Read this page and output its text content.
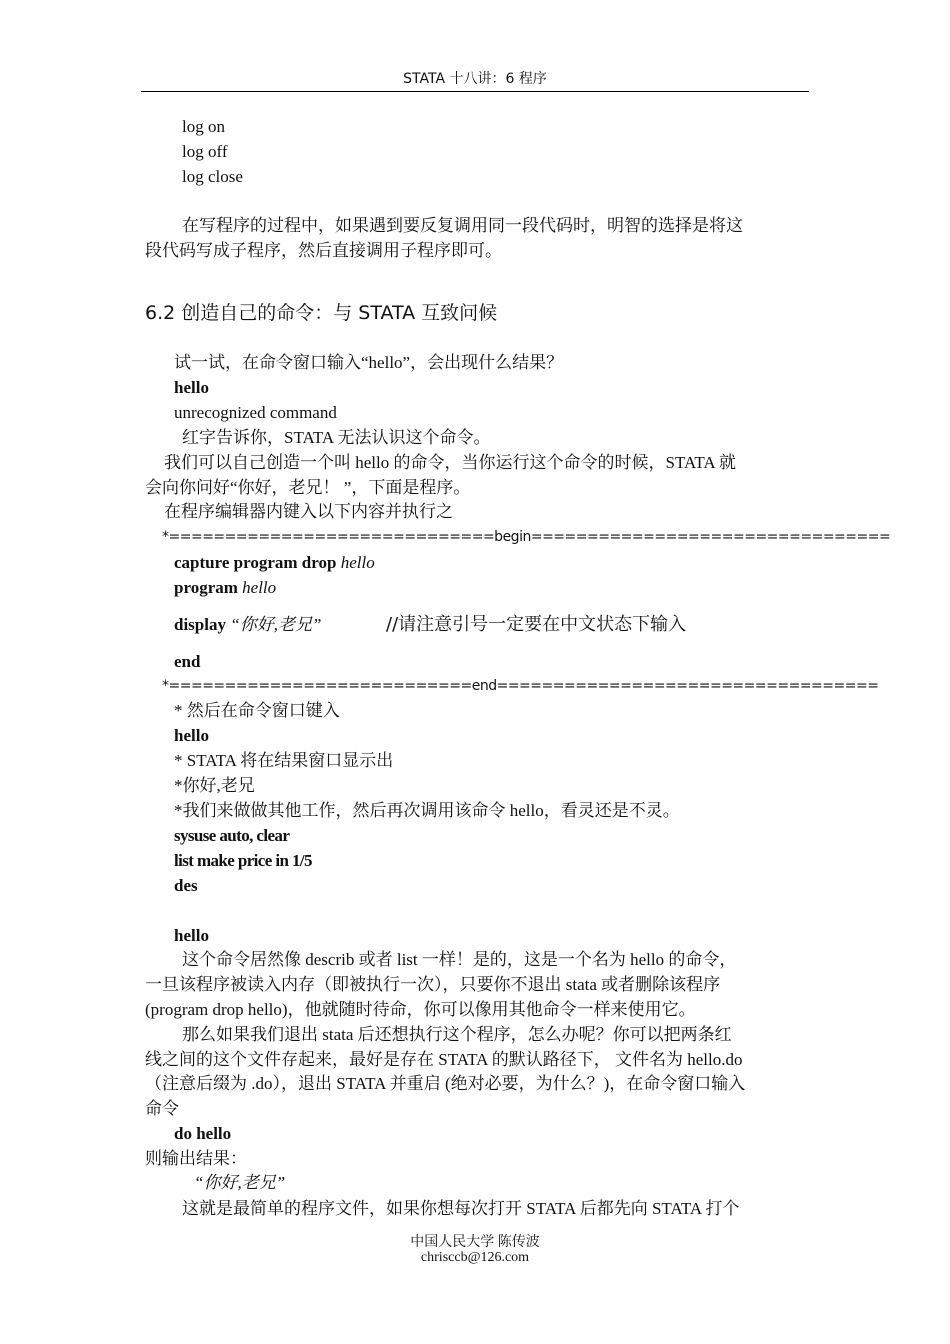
STATA 十八讲：6 程序
log on
log off
log close
在写程序的过程中，如果遇到要反复调用同一段代码时，明智的选择是将这
段代码写成子程序，然后直接调用子程序即可。
6.2 创造自己的命令：与 STATA 互致问候
试一试，在命令窗口输入“hello”，会出现什么结果？
hello
unrecognized command
红字告诉你，STATA 无法认识这个命令。
我们可以自己创造一个叫 hello 的命令，当你运行这个命令的时候，STATA 就
会向你问好“你好，老兄！ ”，下面是程序。
在程序编辑器内键入以下内容并执行之
*=============================begin================================
capture program drop hello
program hello
display “你好,老兄”	//请注意引号一定要在中文状态下输入
end
*===========================end==================================
* 然后在命令窗口键入
hello
* STATA 将在结果窗口显示出
*你好,老兄
*我们来做做其他工作，然后再次调用该命令 hello，看灵还是不灵。
sysuse auto, clear
list make price in 1/5
des
hello
这个命令居然像 describ 或者 list 一样！是的，这是一个名为 hello 的命令，
一旦该程序被读入内存（即被执行一次），只要你不退出 stata 或者删除该程序
(program drop hello)，他就随时待命，你可以像用其他命令一样来使用它。
那么如果我们退出 stata 后还想执行这个程序，怎么办呢？你可以把两条红
线之间的这个文件存起来，最好是存在 STATA 的默认路径下， 文件名为 hello.do
（注意后缀为 .do），退出 STATA 并重启 (绝对必要，为什么？)，在命令窗口输入
命令
do hello
则输出结果：
“你好,老兄”
这就是最简单的程序文件，如果你想每次打开 STATA 后都先向 STATA 打个
中国人民大学 陈传波
chrisccb@126.com
